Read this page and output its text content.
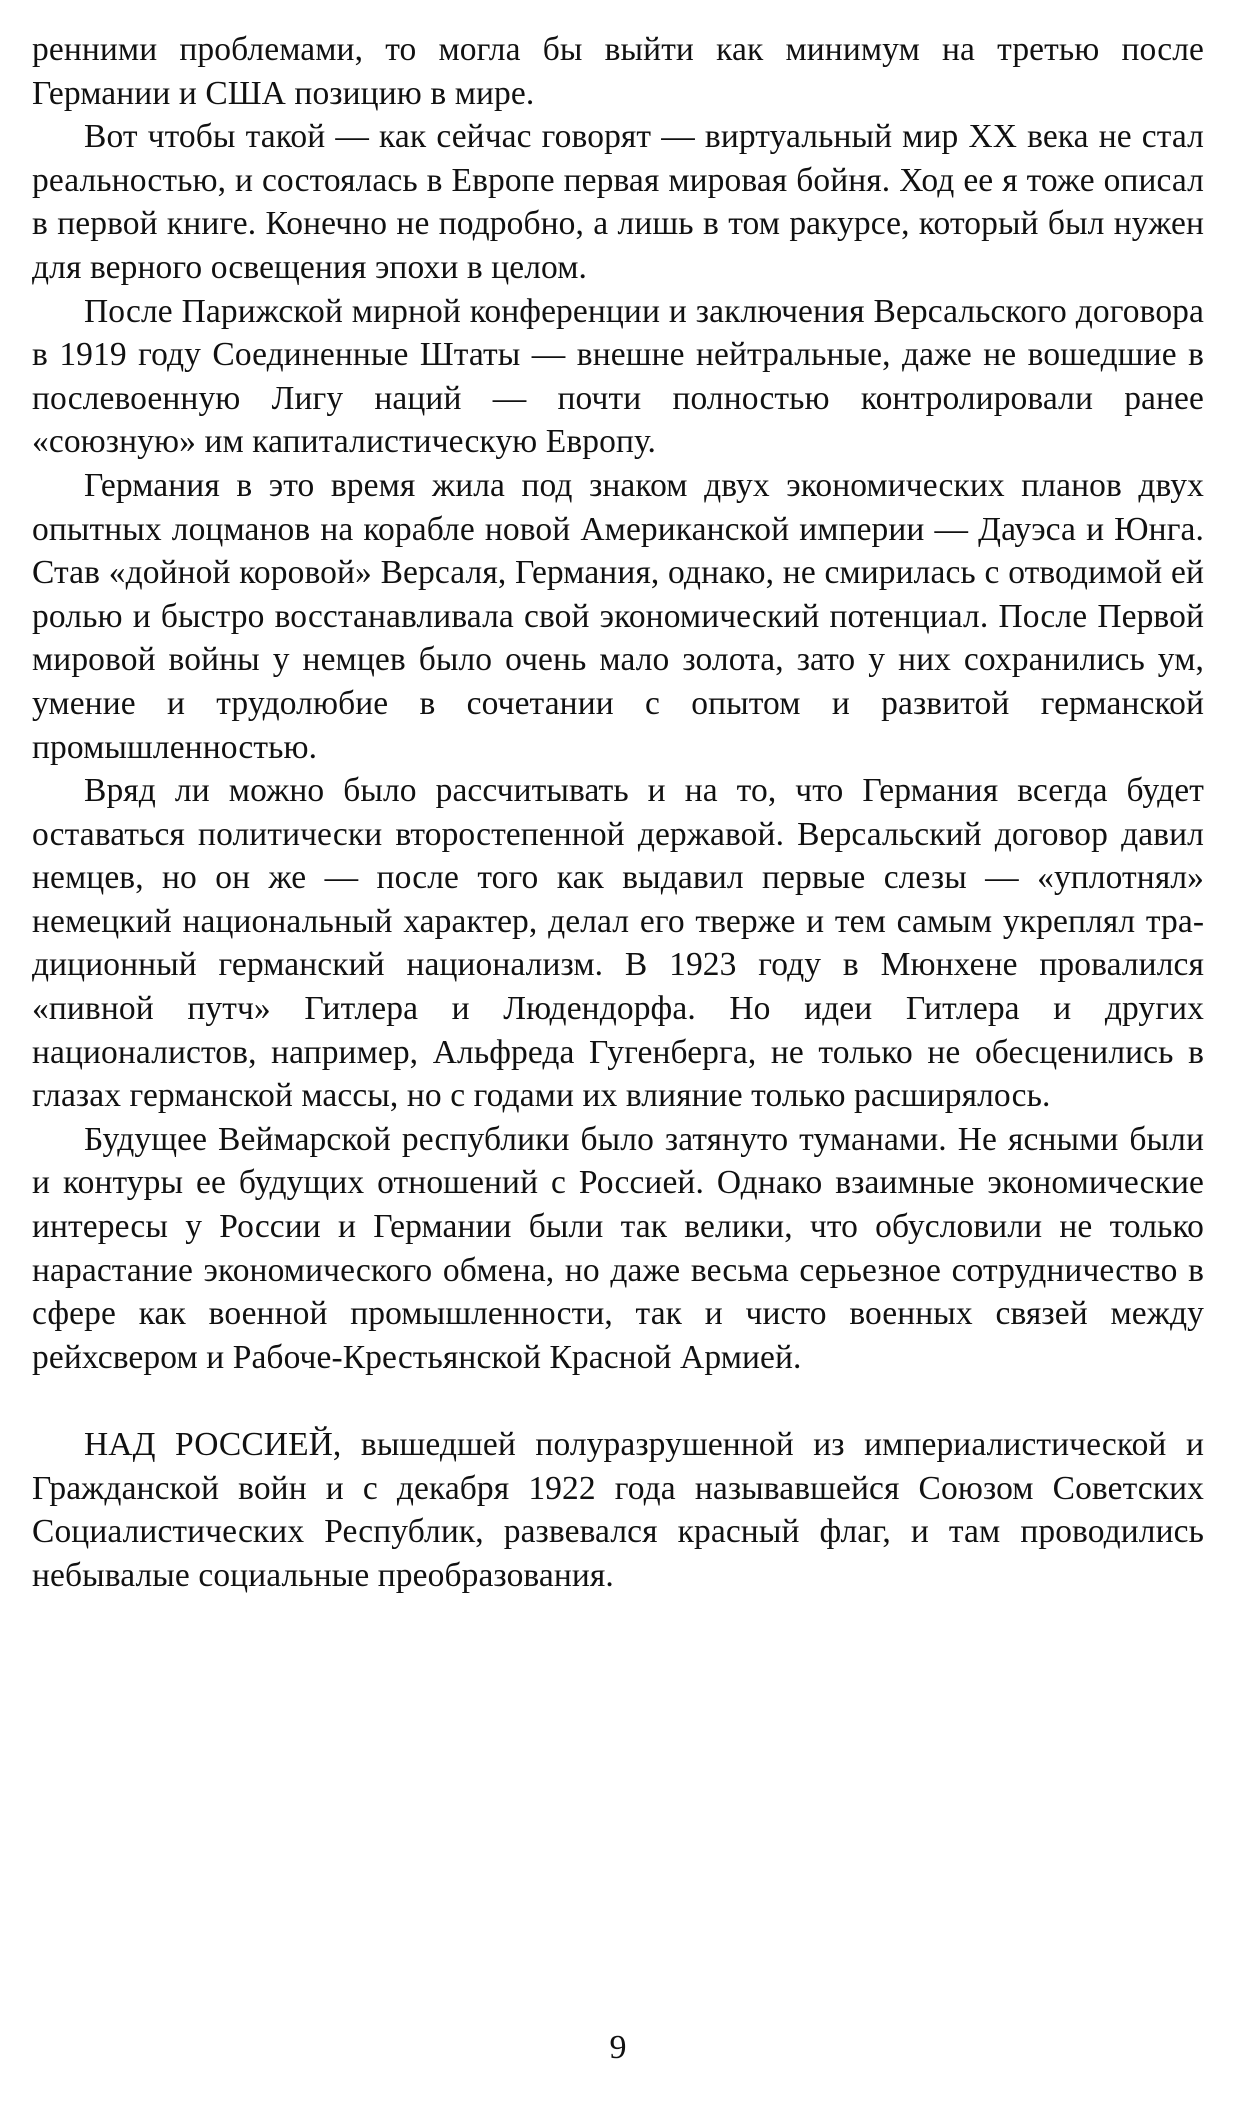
ренними проблемами, то могла бы выйти как минимум на третью после Германии и США позицию в мире.

Вот чтобы такой — как сейчас говорят — виртуальный мир XX века не стал реальностью, и состоялась в Европе первая мировая бойня. Ход ее я тоже описал в первой книге. Конечно не подробно, а лишь в том ракурсе, который был нужен для верного освещения эпохи в целом.

После Парижской мирной конференции и заключения Версальского договора в 1919 году Соединенные Штаты — внешне нейтральные, даже не вошедшие в послевоенную Лигу наций — почти полностью контролировали ранее «союзную» им капиталистическую Европу.

Германия в это время жила под знаком двух экономических планов двух опытных лоцманов на корабле новой Американской империи — Дауэса и Юнга. Став «дойной коровой» Версаля, Германия, однако, не смирилась с отводимой ей ролью и быстро восстанавливала свой экономический потенциал. После Первой мировой войны у немцев было очень мало золота, зато у них сохранились ум, умение и трудолюбие в сочетании с опытом и развитой германской промышленностью.

Вряд ли можно было рассчитывать и на то, что Германия всегда будет оставаться политически второстепенной державой. Версальский договор давил немцев, но он же — после того как выдавил первые слезы — «уплотнял» немецкий национальный характер, делал его тверже и тем самым укреплял традиционный германский национализм. В 1923 году в Мюнхене провалился «пивной путч» Гитлера и Людендорфа. Но идеи Гитлера и других националистов, например, Альфреда Гугенберга, не только не обесценились в глазах германской массы, но с годами их влияние только расширялось.

Будущее Веймарской республики было затянуто туманами. Не ясными были и контуры ее будущих отношений с Россией. Однако взаимные экономические интересы у России и Германии были так велики, что обусловили не только нарастание экономического обмена, но даже весьма серьезное сотрудничество в сфере как военной промышленности, так и чисто военных связей между рейхсвером и Рабоче-Крестьянской Красной Армией.

НАД РОССИЕЙ, вышедшей полуразрушенной из империалистической и Гражданской войн и с декабря 1922 года называвшейся Союзом Советских Социалистических Республик, развевался красный флаг, и там проводились небывалые социальные преобразования.

9
